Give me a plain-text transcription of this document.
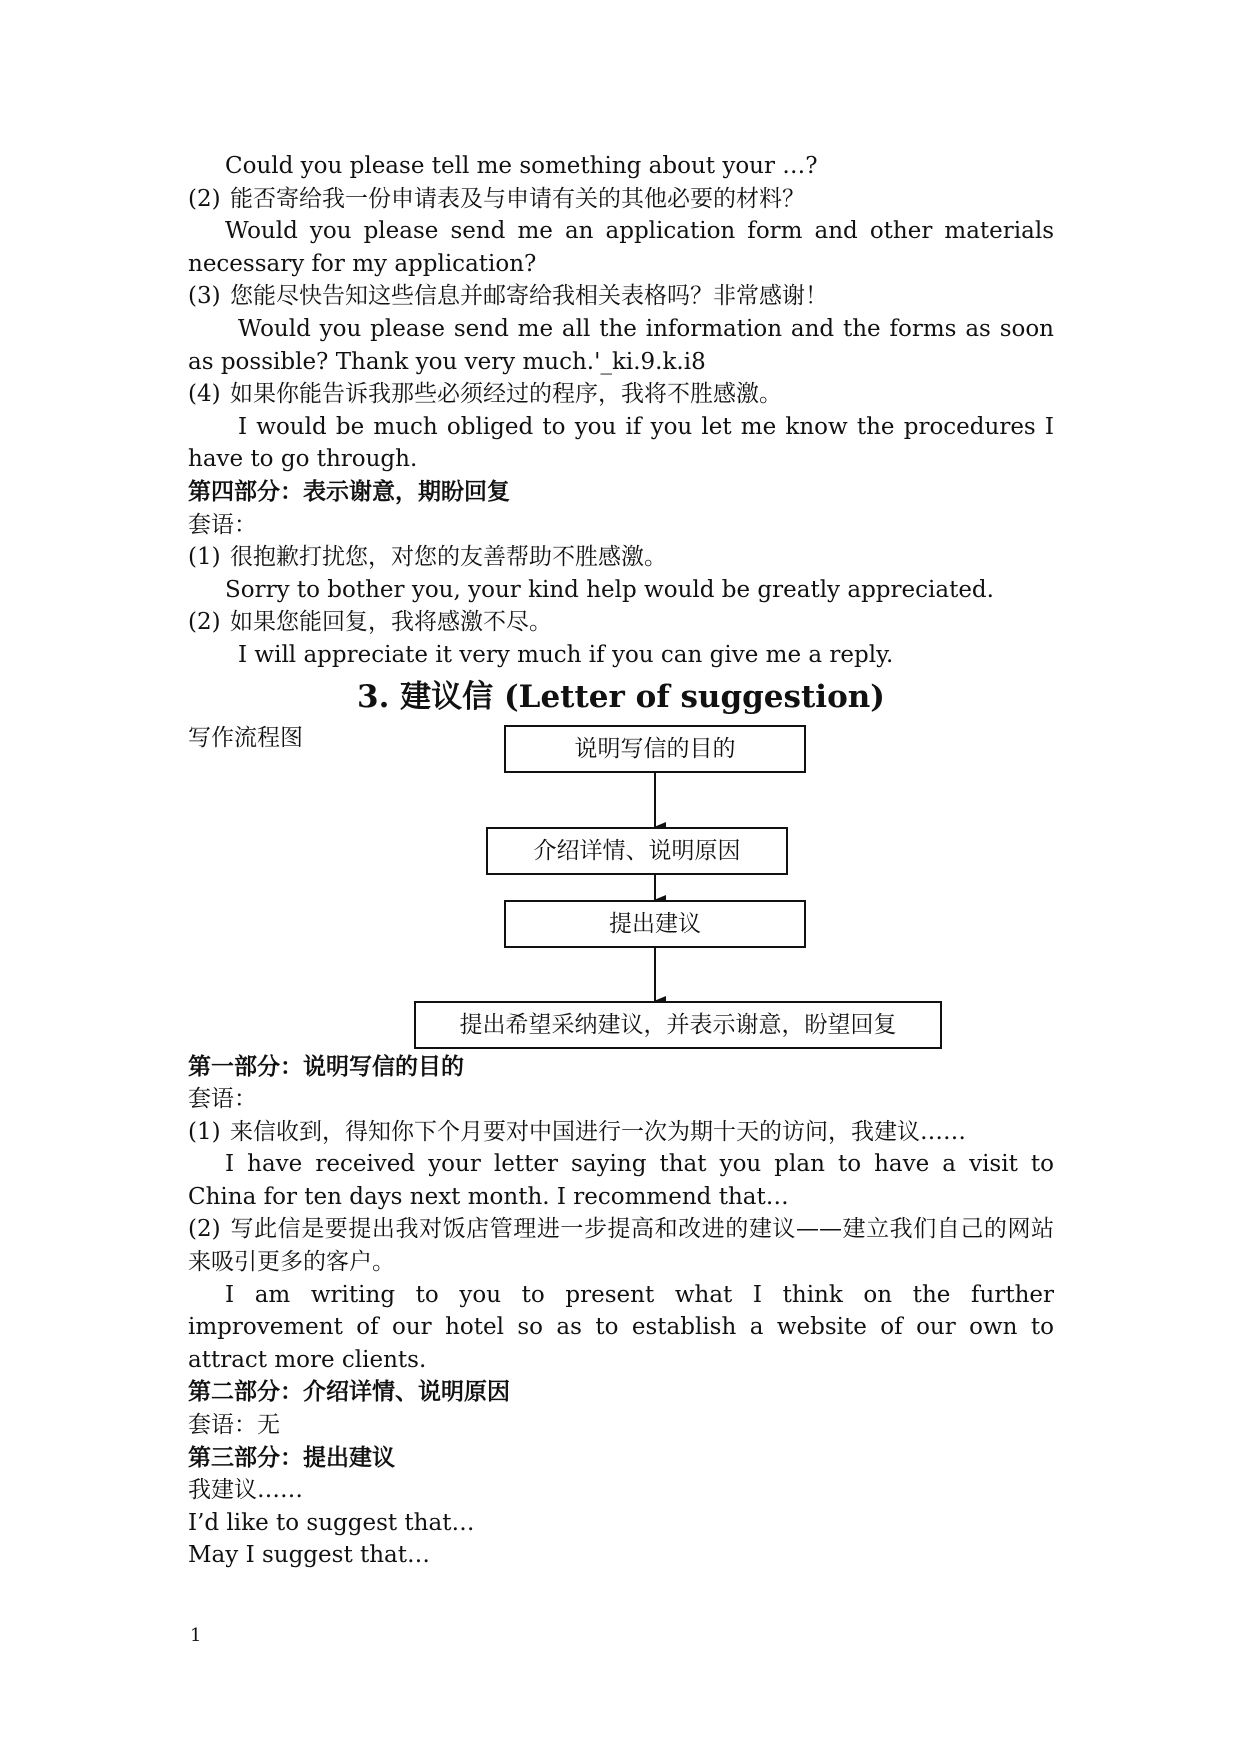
Could you please tell me something about your …?

(2) 能否寄给我一份申请表及与申请有关的其他必要的材料？

Would you please send me an application form and other materials necessary for my application?

(3) 您能尽快告知这些信息并邮寄给我相关表格吗？非常感谢！

Would you please send me all the information and the forms as soon as possible? Thank you very much.'_ki.9.k.i8

(4) 如果你能告诉我那些必须经过的程序，我将不胜感激。

I would be much obliged to you if you let me know the procedures I have to go through.

第四部分：表示谢意，期盼回复

套语：

(1) 很抱歉打扰您，对您的友善帮助不胜感激。

Sorry to bother you, your kind help would be greatly appreciated.

(2) 如果您能回复，我将感激不尽。

I will appreciate it very much if you can give me a reply.

3. 建议信 (Letter of suggestion)

写作流程图	说明写信的目的
介绍详情、说明原因
提出建议
提出希望采纳建议，并表示谢意，盼望回复

第一部分：说明写信的目的

套语：

(1) 来信收到，得知你下个月要对中国进行一次为期十天的访问，我建议……

I have received your letter saying that you plan to have a visit to China for ten days next month. I recommend that…

(2) 写此信是要提出我对饭店管理进一步提高和改进的建议——建立我们自己的网站来吸引更多的客户。

I am writing to you to present what I think on the further improvement of our hotel so as to establish a website of our own to attract more clients.

第二部分：介绍详情、说明原因

套语：无

第三部分：提出建议

我建议……

I’d like to suggest that…

May I suggest that…

1
